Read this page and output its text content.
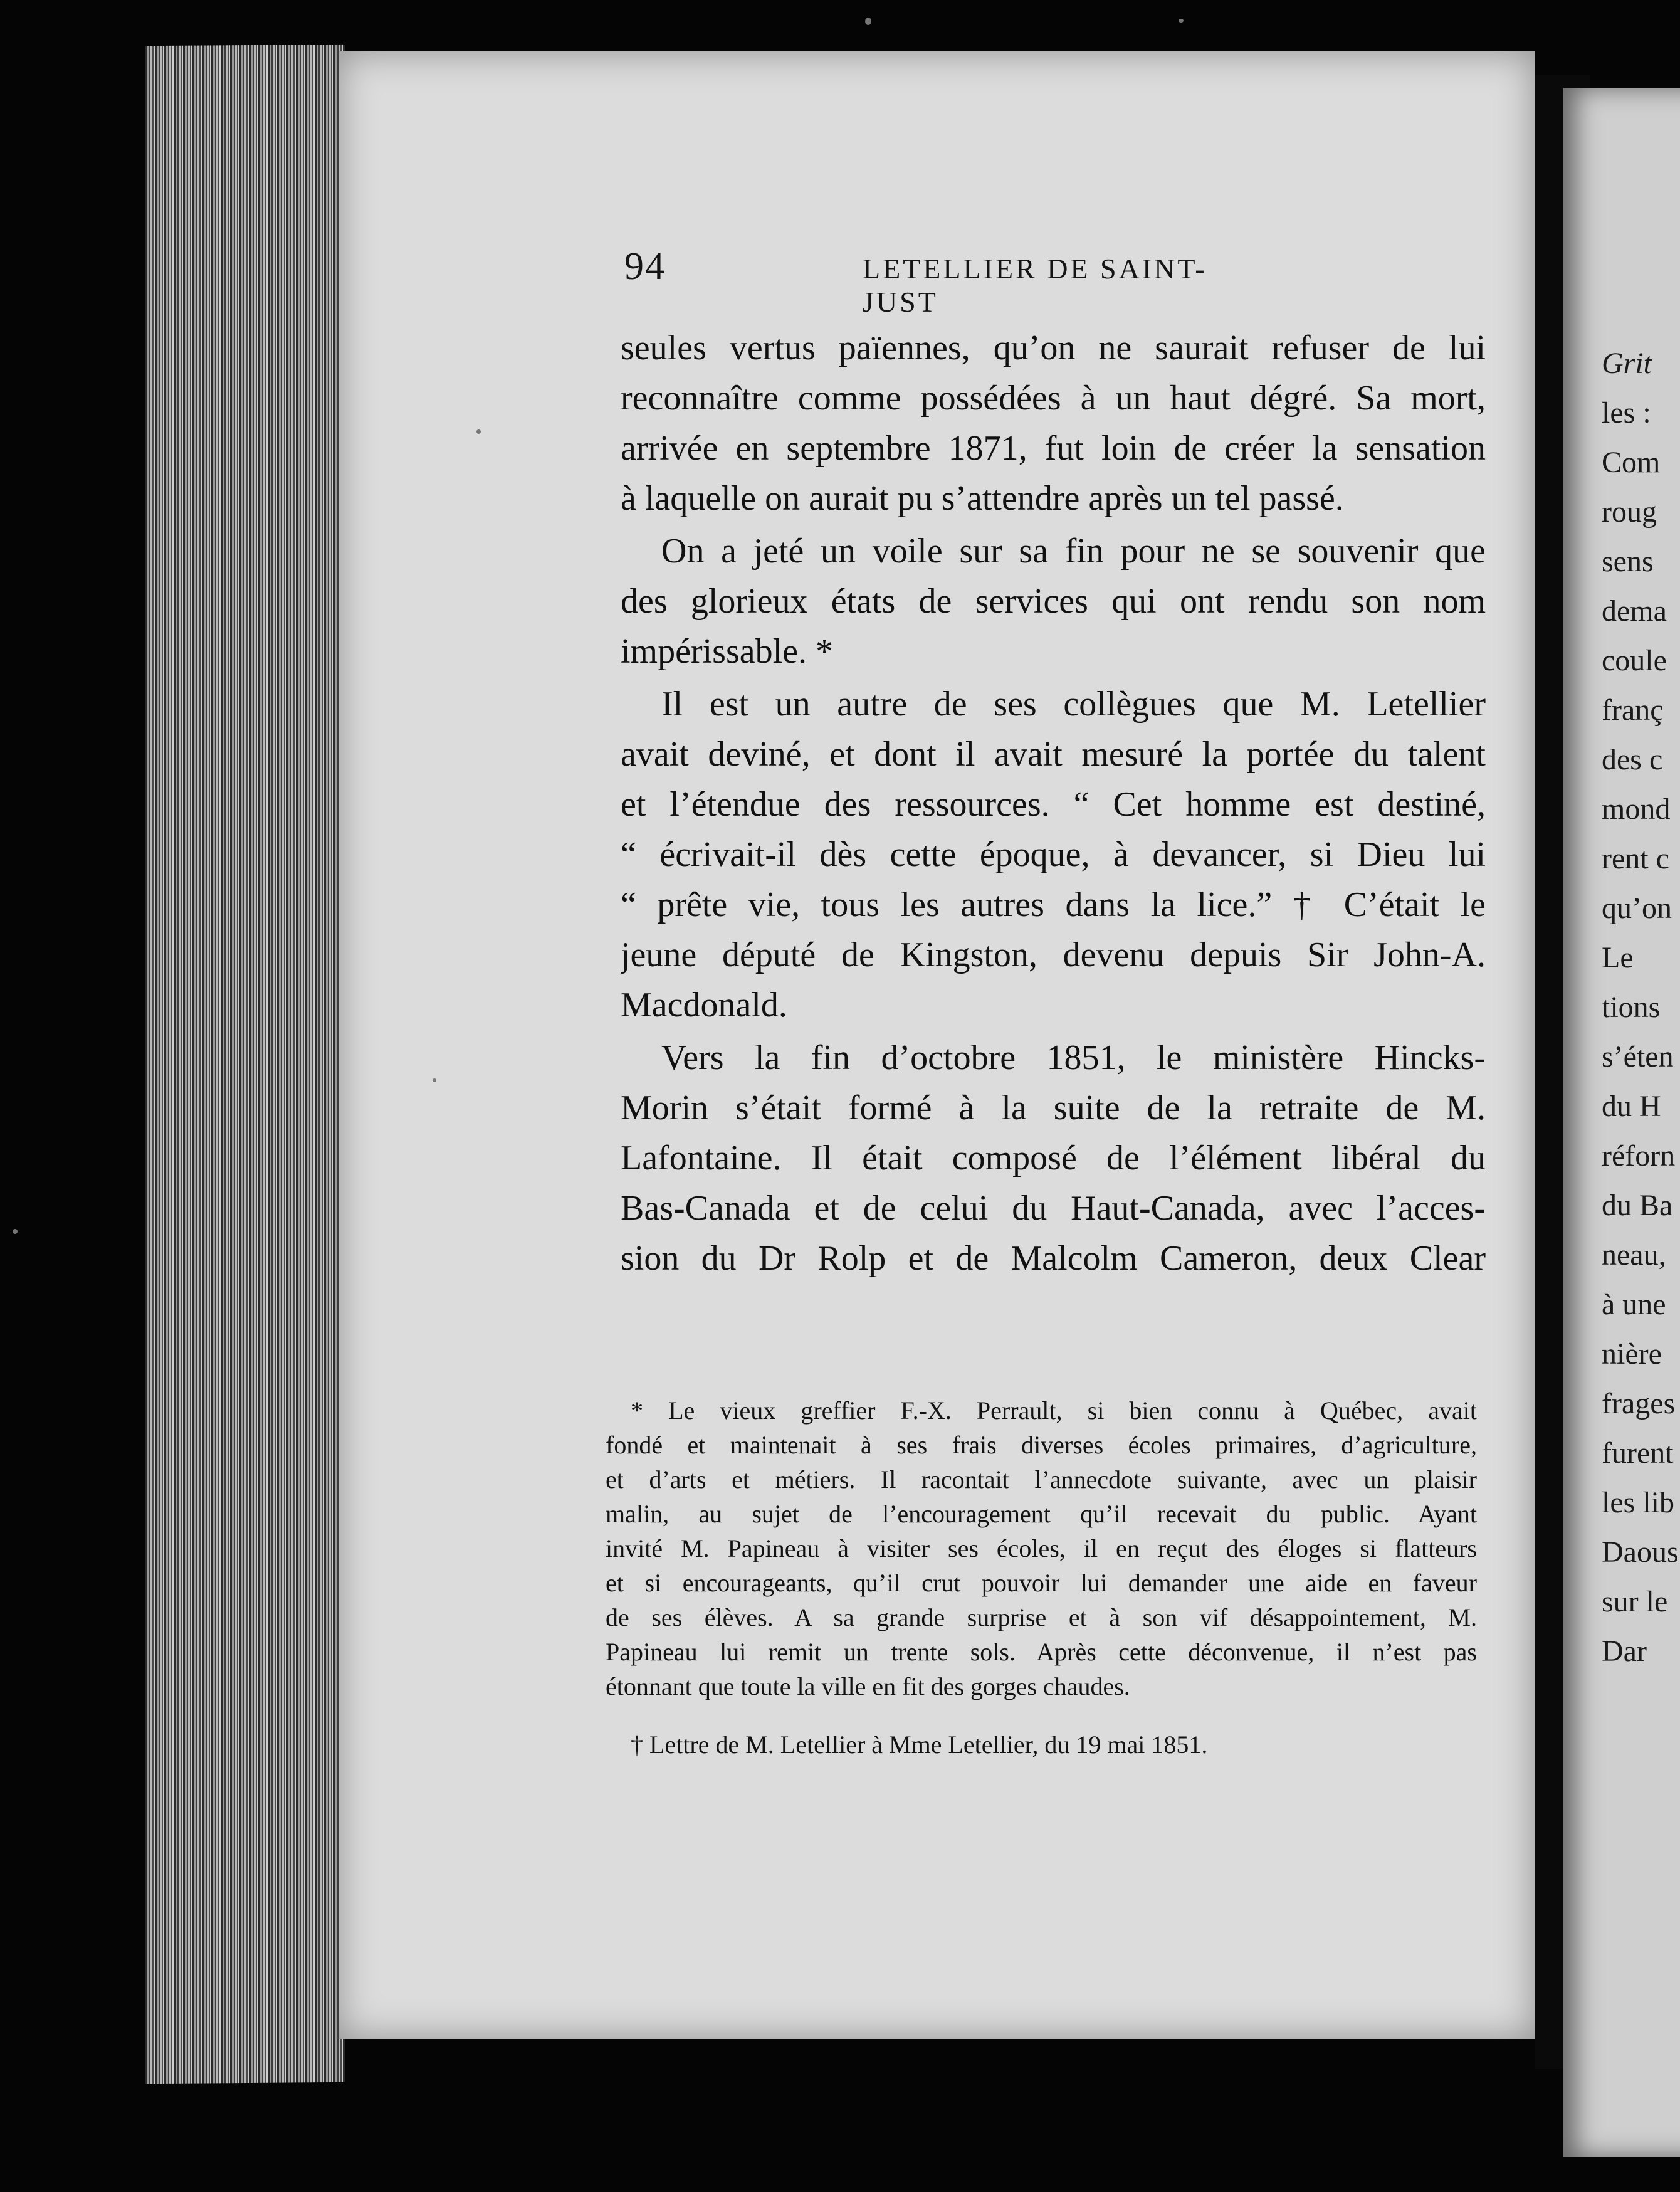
94	LETELLIER DE SAINT-JUST
seules vertus païennes, qu’on ne saurait refuser de lui
reconnaître comme possédées à un haut dégré. Sa mort,
arrivée en septembre 1871, fut loin de créer la sensation
à laquelle on aurait pu s’attendre après un tel passé.
On a jeté un voile sur sa fin pour ne se souvenir que
des glorieux états de services qui ont rendu son nom
impérissable. *
Il est un autre de ses collègues que M. Letellier
avait deviné, et dont il avait mesuré la portée du talent
et l’étendue des ressources. “ Cet homme est destiné,
“ écrivait-il dès cette époque, à devancer, si Dieu lui
“ prête vie, tous les autres dans la lice.” † C’était le
jeune député de Kingston, devenu depuis Sir John-A.
Macdonald.
Vers la fin d’octobre 1851, le ministère Hincks-
Morin s’était formé à la suite de la retraite de M.
Lafontaine. Il était composé de l’élément libéral du
Bas-Canada et de celui du Haut-Canada, avec l’acces-
sion du Dr Rolp et de Malcolm Cameron, deux Clear
* Le vieux greffier F.-X. Perrault, si bien connu à Québec, avait
fondé et maintenait à ses frais diverses écoles primaires, d’agriculture,
et d’arts et métiers. Il racontait l’annecdote suivante, avec un plaisir
malin, au sujet de l’encouragement qu’il recevait du public. Ayant
invité M. Papineau à visiter ses écoles, il en reçut des éloges si flatteurs
et si encourageants, qu’il crut pouvoir lui demander une aide en faveur
de ses élèves. A sa grande surprise et à son vif désappointement, M.
Papineau lui remit un trente sols. Après cette déconvenue, il n’est pas
étonnant que toute la ville en fit des gorges chaudes.
† Lettre de M. Letellier à Mme Letellier, du 19 mai 1851.
Grit
les :
Com
roug
sens
dema
coule
franç
des c
mond
rent c
qu’on
Le
tions
s’éten
du H
réforn
du Ba
neau,
à une
nière
frages
furent
les lib
Daous
sur le
Dar
